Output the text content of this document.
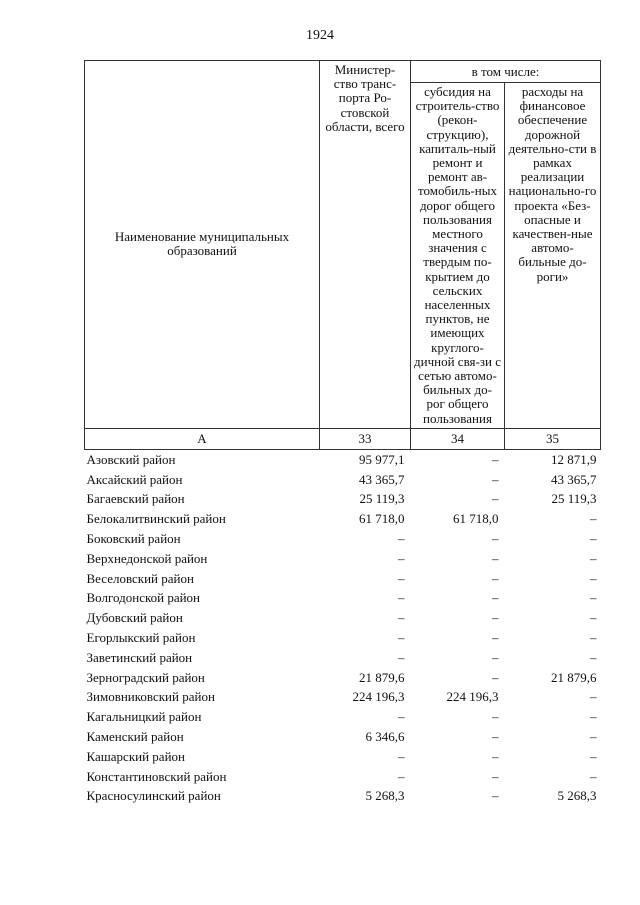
1924
Наименование муниципальных образований	Министер-ство транс-порта Ро-стовской области, всего	в том числе:	
		субсидия на строитель-ство (рекон-струкцию), капиталь-ный ремонт и ремонт ав-томобиль-ных дорог общего пользования местного значения с твердым по-крытием до сельских населенных пунктов, не имеющих круглого-дичной свя-зи с сетью автомо-бильных до-рог общего пользования	расходы на финансовое обеспечение дорожной деятельно-сти в рамках реализации национально-го проекта «Без-опасные и качествен-ные автомо-бильные до-роги»
А	33	34	35
Азовский район	95 977,1	–	12 871,9
Аксайский район	43 365,7	–	43 365,7
Багаевский район	25 119,3	–	25 119,3
Белокалитвинский район	61 718,0	61 718,0	–
Боковский район	–	–	–
Верхнедонской район	–	–	–
Веселовский район	–	–	–
Волгодонской район	–	–	–
Дубовский район	–	–	–
Егорлыкский район	–	–	–
Заветинский район	–	–	–
Зерноградский район	21 879,6	–	21 879,6
Зимовниковский район	224 196,3	224 196,3	–
Кагальницкий район	–	–	–
Каменский район	6 346,6	–	–
Кашарский район	–	–	–
Константиновский район	–	–	–
Красносулинский район	5 268,3	–	5 268,3
